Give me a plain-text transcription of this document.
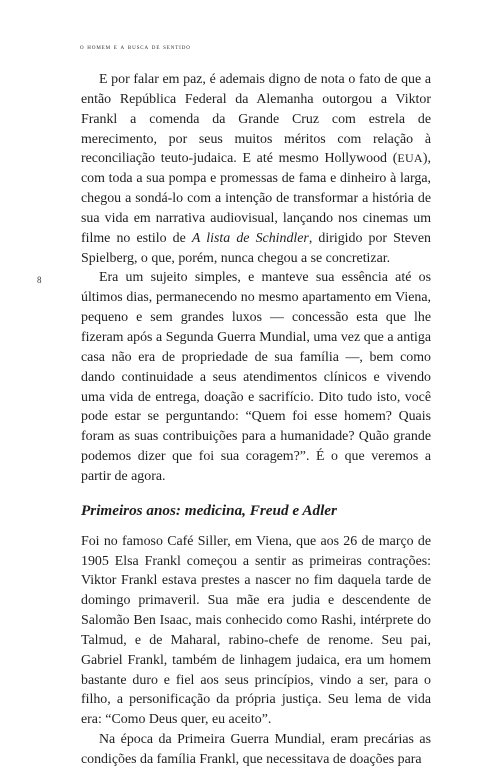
o homem e a busca de sentido
8

E por falar em paz, é ademais digno de nota o fato de que a então República Federal da Alemanha outorgou a Viktor Frankl a comenda da Grande Cruz com estrela de merecimento, por seus muitos méritos com relação à reconciliação teuto-judaica. E até mesmo Hollywood (EUA), com toda a sua pompa e promessas de fama e dinheiro à larga, chegou a sondá-lo com a intenção de transformar a história de sua vida em narrativa audiovisual, lançando nos cinemas um filme no estilo de A lista de Schindler, dirigido por Steven Spielberg, o que, porém, nunca chegou a se concretizar.

Era um sujeito simples, e manteve sua essência até os últimos dias, permanecendo no mesmo apartamento em Viena, pequeno e sem grandes luxos — concessão esta que lhe fizeram após a Segunda Guerra Mundial, uma vez que a antiga casa não era de propriedade de sua família —, bem como dando continuidade a seus atendimentos clínicos e vivendo uma vida de entrega, doação e sacrifício. Dito tudo isto, você pode estar se perguntando: “Quem foi esse homem? Quais foram as suas contribuições para a humanidade? Quão grande podemos dizer que foi sua coragem?”. É o que veremos a partir de agora.

Primeiros anos: medicina, Freud e Adler

Foi no famoso Café Siller, em Viena, que aos 26 de março de 1905 Elsa Frankl começou a sentir as primeiras contrações: Viktor Frankl estava prestes a nascer no fim daquela tarde de domingo primaveril. Sua mãe era judia e descendente de Salomão Ben Isaac, mais conhecido como Rashi, intérprete do Talmud, e de Maharal, rabino-chefe de renome. Seu pai, Gabriel Frankl, também de linhagem judaica, era um homem bastante duro e fiel aos seus princípios, vindo a ser, para o filho, a personificação da própria justiça. Seu lema de vida era: “Como Deus quer, eu aceito”.

Na época da Primeira Guerra Mundial, eram precárias as condições da família Frankl, que necessitava de doações para
